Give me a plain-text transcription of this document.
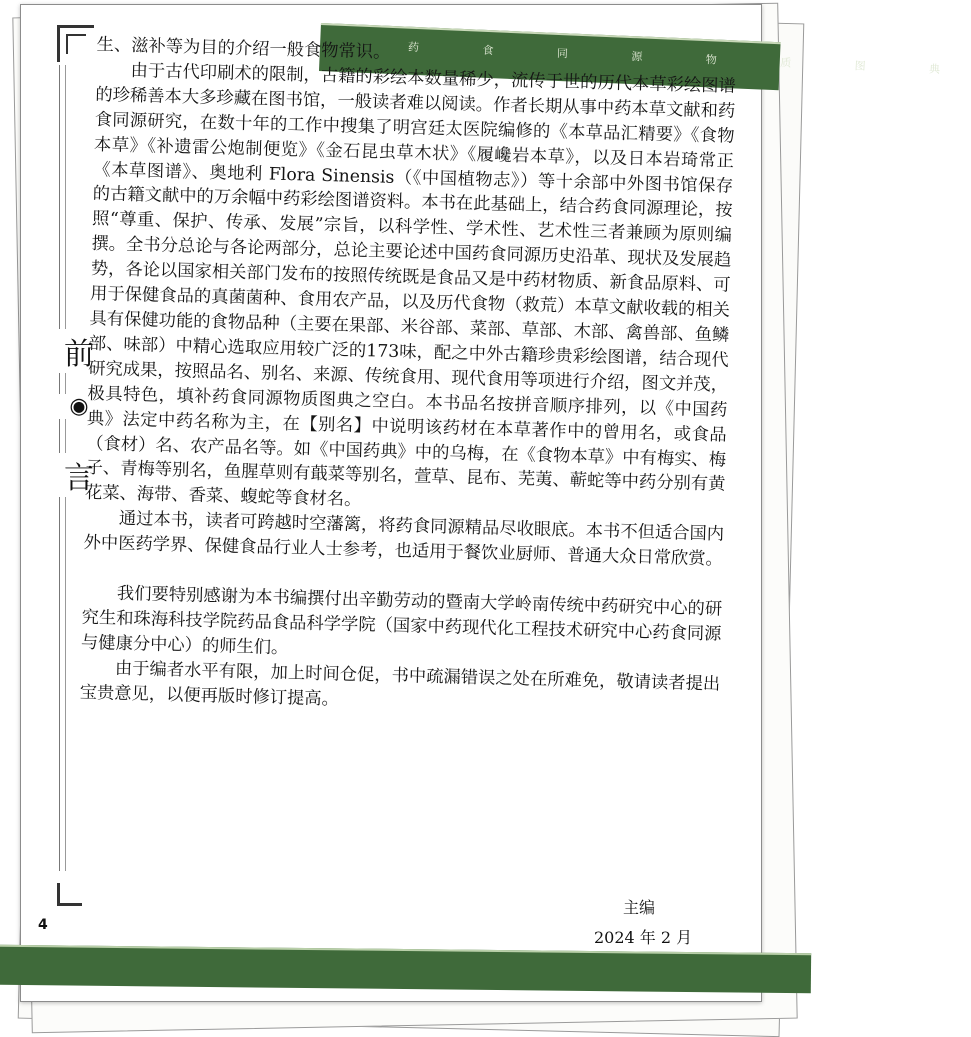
药 食 同 源 物 质 图 典
前
◉
言

生、滋补等为目的介绍一般食物常识。

由于古代印刷术的限制，古籍的彩绘本数量稀少，流传于世的历代本草彩绘图谱的珍稀善本大多珍藏在图书馆，一般读者难以阅读。作者长期从事中药本草文献和药食同源研究，在数十年的工作中搜集了明宫廷太医院编修的《本草品汇精要》《食物本草》《补遗雷公炮制便览》《金石昆虫草木状》《履巉岩本草》，以及日本岩琦常正《本草图谱》、奥地利 Flora Sinensis（《中国植物志》）等十余部中外图书馆保存的古籍文献中的万余幅中药彩绘图谱资料。本书在此基础上，结合药食同源理论，按照“尊重、保护、传承、发展”宗旨，以科学性、学术性、艺术性三者兼顾为原则编撰。全书分总论与各论两部分，总论主要论述中国药食同源历史沿革、现状及发展趋势，各论以国家相关部门发布的按照传统既是食品又是中药材物质、新食品原料、可用于保健食品的真菌菌种、食用农产品，以及历代食物（救荒）本草文献收载的相关具有保健功能的食物品种（主要在果部、米谷部、菜部、草部、木部、禽兽部、鱼鳞部、味部）中精心选取应用较广泛的173味，配之中外古籍珍贵彩绘图谱，结合现代研究成果，按照品名、别名、来源、传统食用、现代食用等项进行介绍，图文并茂，极具特色，填补药食同源物质图典之空白。本书品名按拼音顺序排列，以《中国药典》法定中药名称为主，在【别名】中说明该药材在本草著作中的曾用名，或食品（食材）名、农产品名等。如《中国药典》中的乌梅，在《食物本草》中有梅实、梅子、青梅等别名，鱼腥草则有蕺菜等别名，萱草、昆布、芜荑、蕲蛇等中药分别有黄花菜、海带、香菜、蝮蛇等食材名。

通过本书，读者可跨越时空藩篱，将药食同源精品尽收眼底。本书不但适合国内外中医药学界、保健食品行业人士参考，也适用于餐饮业厨师、普通大众日常欣赏。

我们要特别感谢为本书编撰付出辛勤劳动的暨南大学岭南传统中药研究中心的研究生和珠海科技学院药品食品科学学院（国家中药现代化工程技术研究中心药食同源与健康分中心）的师生们。

由于编者水平有限，加上时间仓促，书中疏漏错误之处在所难免，敬请读者提出宝贵意见，以便再版时修订提高。

主编
2024 年 2 月
4
